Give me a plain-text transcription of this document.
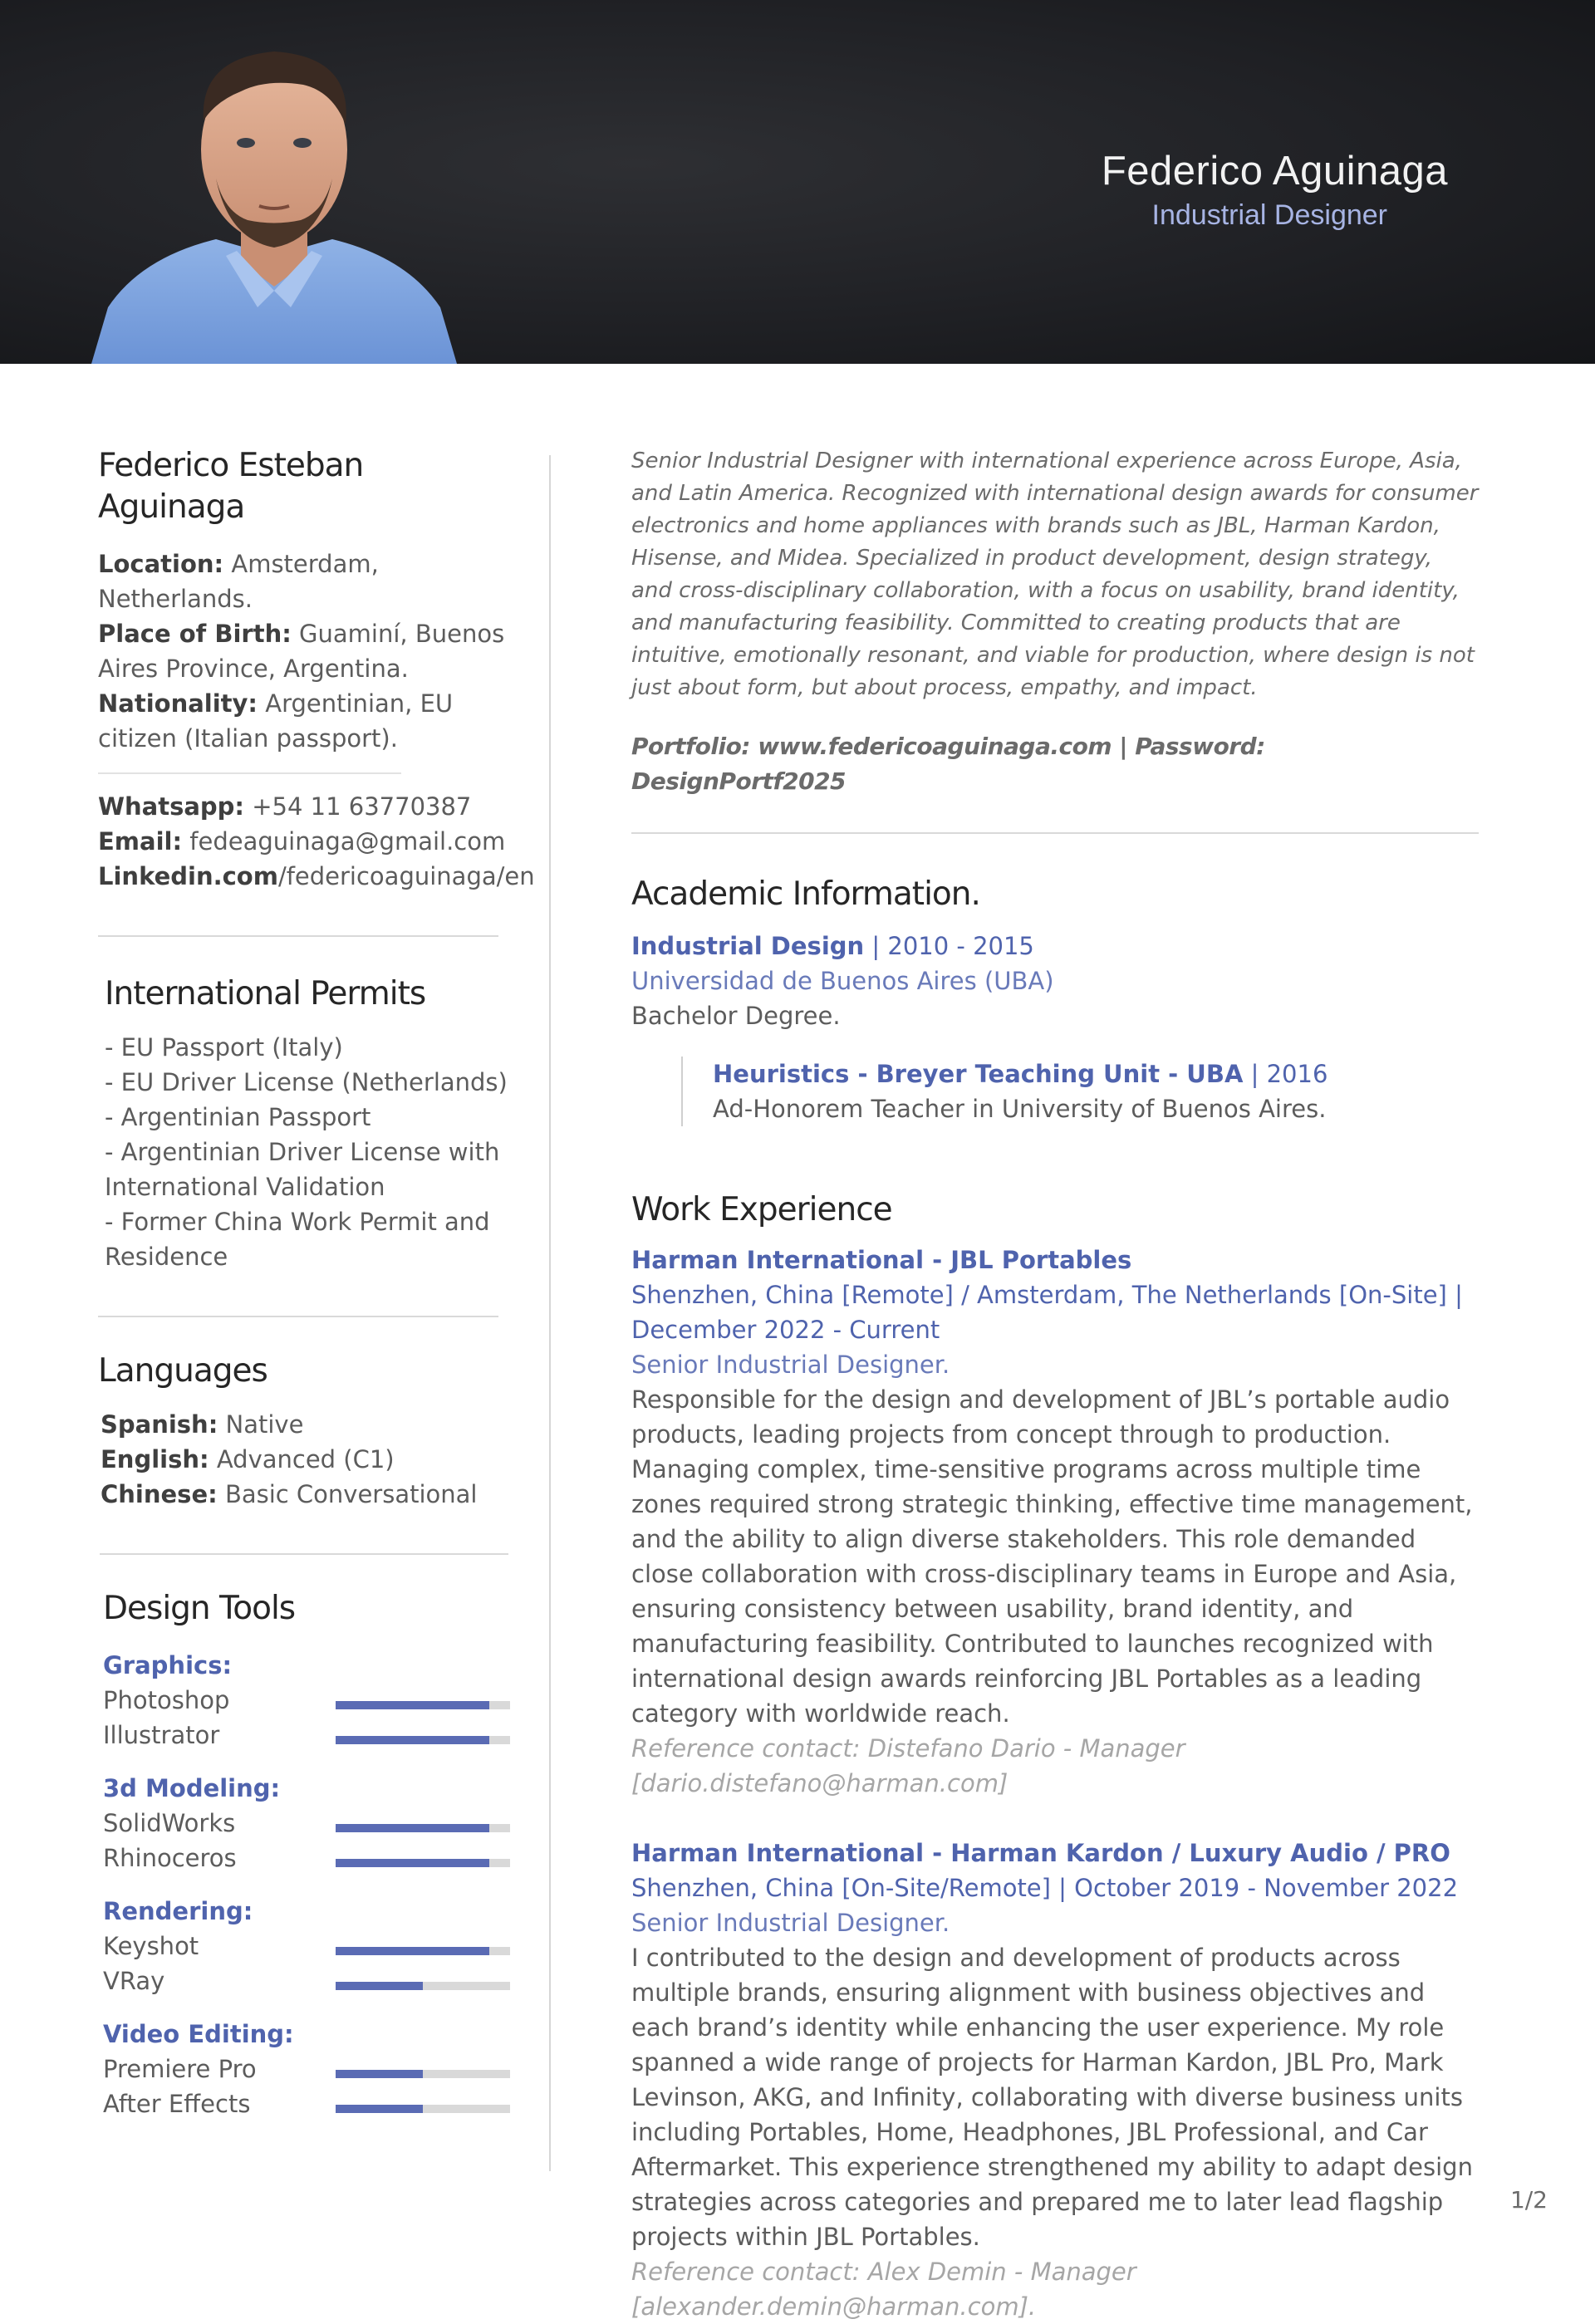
Federico Aguinaga
Industrial Designer
Federico Esteban Aguinaga
Location: Amsterdam, Netherlands.
Place of Birth: Guaminí, Buenos Aires Province, Argentina.
Nationality: Argentinian, EU citizen (Italian passport).
Whatsapp: +54 11 63770387
Email: fedeaguinaga@gmail.com
Linkedin.com/federicoaguinaga/en
International Permits
- EU Passport (Italy)
- EU Driver License (Netherlands)
- Argentinian Passport
- Argentinian Driver License with International Validation
- Former China Work Permit and Residence
Languages
Spanish: Native
English: Advanced (C1)
Chinese: Basic Conversational
Design Tools
Graphics:
Photoshop
Illustrator
3d Modeling:
SolidWorks
Rhinoceros
Rendering:
Keyshot
VRay
Video Editing:
Premiere Pro
After Effects
Senior Industrial Designer with international experience across Europe, Asia, and Latin America. Recognized with international design awards for consumer electronics and home appliances with brands such as JBL, Harman Kardon, Hisense, and Midea. Specialized in product development, design strategy, and cross-disciplinary collaboration, with a focus on usability, brand identity, and manufacturing feasibility. Committed to creating products that are intuitive, emotionally resonant, and viable for production, where design is not just about form, but about process, empathy, and impact.
Portfolio: www.federicoaguinaga.com | Password: DesignPortf2025
Academic Information.
Industrial Design | 2010 - 2015
Universidad de Buenos Aires (UBA)
Bachelor Degree.
Heuristics - Breyer Teaching Unit - UBA | 2016
Ad-Honorem Teacher in University of Buenos Aires.
Work Experience
Harman International - JBL Portables
Shenzhen, China [Remote] / Amsterdam, The Netherlands [On-Site] | December 2022 - Current
Senior Industrial Designer.
Responsible for the design and development of JBL’s portable audio products, leading projects from concept through to production. Managing complex, time-sensitive programs across multiple time zones required strong strategic thinking, effective time management, and the ability to align diverse stakeholders. This role demanded close collaboration with cross-disciplinary teams in Europe and Asia, ensuring consistency between usability, brand identity, and manufacturing feasibility. Contributed to launches recognized with international design awards reinforcing JBL Portables as a leading category with worldwide reach.
Reference contact: Distefano Dario - Manager [dario.distefano@harman.com]
Harman International - Harman Kardon / Luxury Audio / PRO
Shenzhen, China [On-Site/Remote] | October 2019 - November 2022
Senior Industrial Designer.
I contributed to the design and development of products across multiple brands, ensuring alignment with business objectives and each brand’s identity while enhancing the user experience. My role spanned a wide range of projects for Harman Kardon, JBL Pro, Mark Levinson, AKG, and Infinity, collaborating with diverse business units including Portables, Home, Headphones, JBL Professional, and Car Aftermarket. This experience strengthened my ability to adapt design strategies across categories and prepared me to later lead flagship projects within JBL Portables.
Reference contact: Alex Demin - Manager [alexander.demin@harman.com].
1/2
